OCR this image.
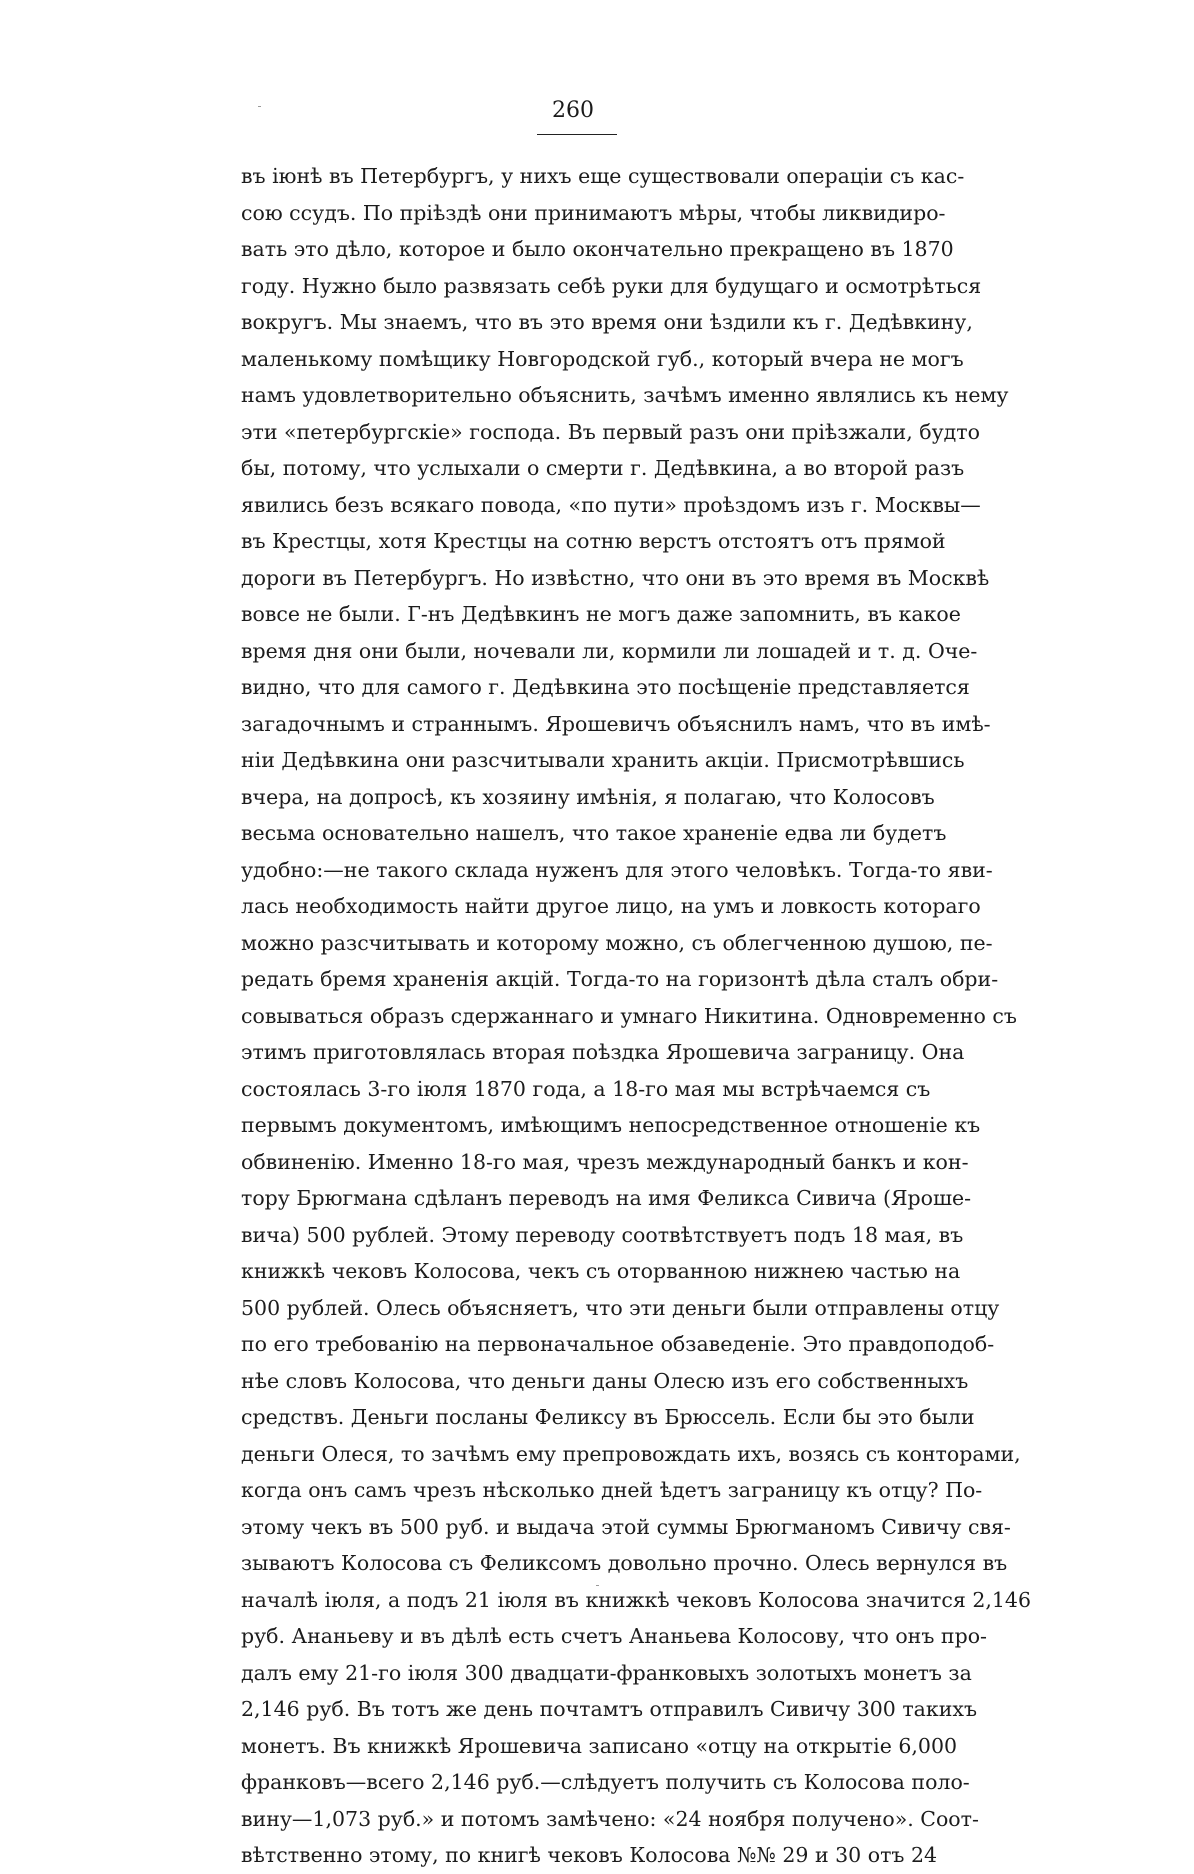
260
въ іюнѣ въ Петербургъ, у нихъ еще существовали операціи съ кас-
сою ссудъ. По пріѣздѣ они принимаютъ мѣры, чтобы ликвидиро-
вать это дѣло, которое и было окончательно прекращено въ 1870
году. Нужно было развязать себѣ руки для будущаго и осмотрѣться
вокругъ. Мы знаемъ, что въ это время они ѣздили къ г. Дедѣвкину,
маленькому помѣщику Новгородской губ., который вчера не могъ
намъ удовлетворительно объяснить, зачѣмъ именно являлись къ нему
эти «петербургскіе» господа. Въ первый разъ они пріѣзжали, будто
бы, потому, что услыхали о смерти г. Дедѣвкина, а во второй разъ
явились безъ всякаго повода, «по пути» проѣздомъ изъ г. Москвы—
въ Крестцы, хотя Крестцы на сотню верстъ отстоятъ отъ прямой
дороги въ Петербургъ. Но извѣстно, что они въ это время въ Москвѣ
вовсе не были. Г-нъ Дедѣвкинъ не могъ даже запомнить, въ какое
время дня они были, ночевали ли, кормили ли лошадей и т. д. Оче-
видно, что для самого г. Дедѣвкина это посѣщеніе представляется
загадочнымъ и страннымъ. Ярошевичъ объяснилъ намъ, что въ имѣ-
ніи Дедѣвкина они разсчитывали хранить акціи. Присмотрѣвшись
вчера, на допросѣ, къ хозяину имѣнія, я полагаю, что Колосовъ
весьма основательно нашелъ, что такое храненіе едва ли будетъ
удобно:—не такого склада нуженъ для этого человѣкъ. Тогда-то яви-
лась необходимость найти другое лицо, на умъ и ловкость котораго
можно разсчитывать и которому можно, съ облегченною душою, пе-
редать бремя храненія акцій. Тогда-то на горизонтѣ дѣла сталъ обри-
совываться образъ сдержаннаго и умнаго Никитина. Одновременно съ
этимъ приготовлялась вторая поѣздка Ярошевича заграницу. Она
состоялась 3-го іюля 1870 года, а 18-го мая мы встрѣчаемся съ
первымъ документомъ, имѣющимъ непосредственное отношеніе къ
обвиненію. Именно 18-го мая, чрезъ международный банкъ и кон-
тору Брюгмана сдѣланъ переводъ на имя Феликса Сивича (Яроше-
вича) 500 рублей. Этому переводу соотвѣтствуетъ подъ 18 мая, въ
книжкѣ чековъ Колосова, чекъ съ оторванною нижнею частью на
500 рублей. Олесь объясняетъ, что эти деньги были отправлены отцу
по его требованію на первоначальное обзаведеніе. Это правдоподоб-
нѣе словъ Колосова, что деньги даны Олесю изъ его собственныхъ
средствъ. Деньги посланы Феликсу въ Брюссель. Если бы это были
деньги Олеся, то зачѣмъ ему препровождать ихъ, возясь съ конторами,
когда онъ самъ чрезъ нѣсколько дней ѣдетъ заграницу къ отцу? По-
этому чекъ въ 500 руб. и выдача этой суммы Брюгманомъ Сивичу свя-
зываютъ Колосова съ Феликсомъ довольно прочно. Олесь вернулся въ
началѣ іюля, а подъ 21 іюля въ книжкѣ чековъ Колосова значится 2,146
руб. Ананьеву и въ дѣлѣ есть счетъ Ананьева Колосову, что онъ про-
далъ ему 21-го іюля 300 двадцати-франковыхъ золотыхъ монетъ за
2,146 руб. Въ тотъ же день почтамтъ отправилъ Сивичу 300 такихъ
монетъ. Въ книжкѣ Ярошевича записано «отцу на открытіе 6,000
франковъ—всего 2,146 руб.—слѣдуетъ получить съ Колосова поло-
вину—1,073 руб.» и потомъ замѣчено: «24 ноября получено». Соот-
вѣтственно этому, по книгѣ чековъ Колосова №№ 29 и 30 отъ 24
